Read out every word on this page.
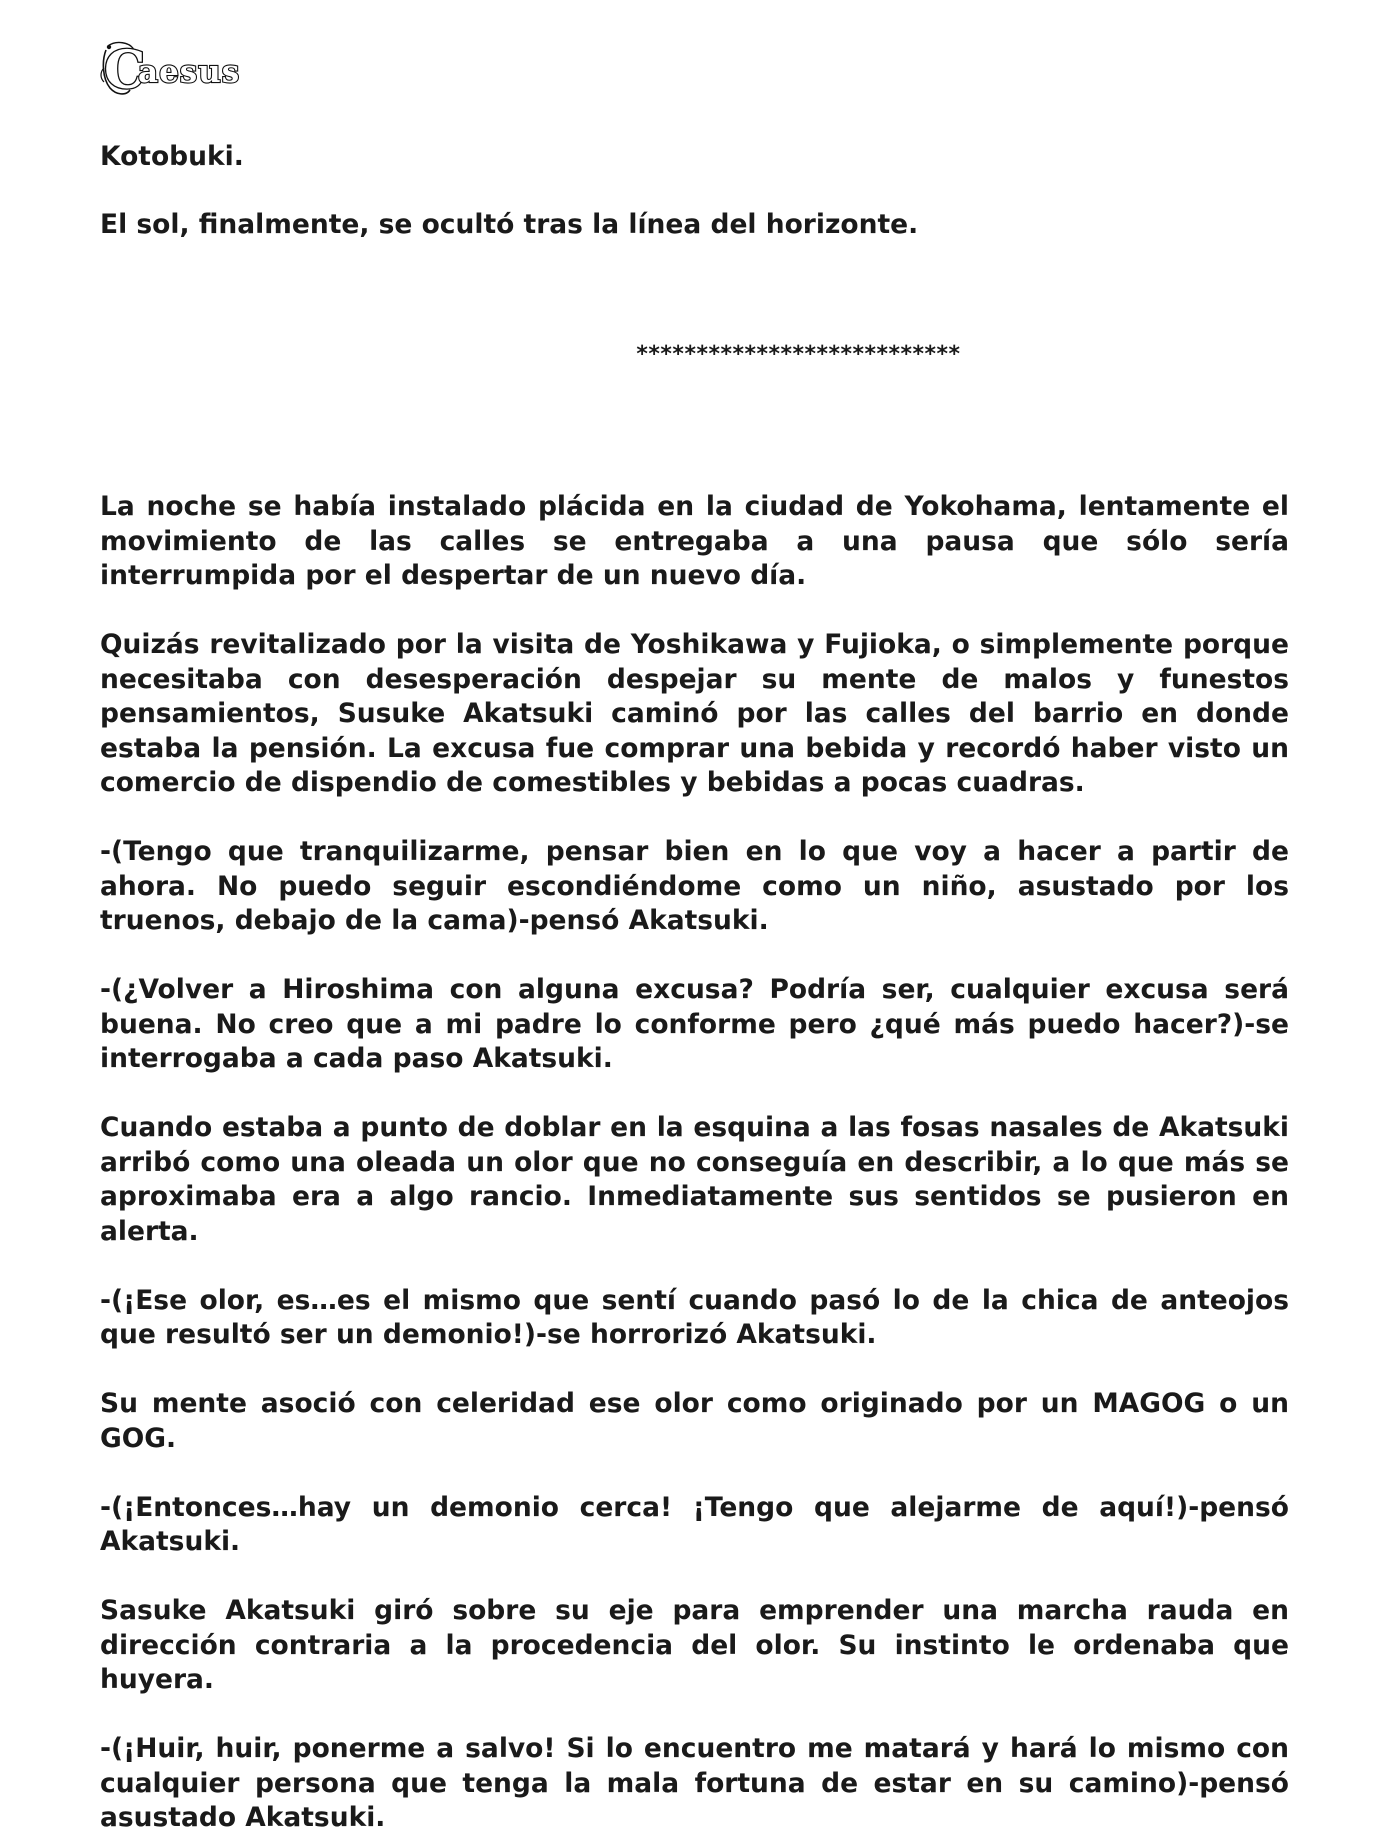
C
aesus

Kotobuki.

El sol, finalmente, se ocultó tras la línea del horizonte.

***************************

La noche se había instalado plácida en la ciudad de Yokohama, lentamente el movimiento de las calles se entregaba a una pausa que sólo sería interrumpida por el despertar de un nuevo día.

Quizás revitalizado por la visita de Yoshikawa y Fujioka, o simplemente porque necesitaba con desesperación despejar su mente de malos y funestos pensamientos, Susuke Akatsuki caminó por las calles del barrio en donde estaba la pensión. La excusa fue comprar una bebida y recordó haber visto un comercio de dispendio de comestibles y bebidas a pocas cuadras.

-(Tengo que tranquilizarme, pensar bien en lo que voy a hacer a partir de ahora. No puedo seguir escondiéndome como un niño, asustado por los truenos, debajo de la cama)-pensó Akatsuki.

-(¿Volver a Hiroshima con alguna excusa? Podría ser, cualquier excusa será buena. No creo que a mi padre lo conforme pero ¿qué más puedo hacer?)-se interrogaba a cada paso Akatsuki.

Cuando estaba a punto de doblar en la esquina a las fosas nasales de Akatsuki arribó como una oleada un olor que no conseguía en describir, a lo que más se aproximaba era a algo rancio. Inmediatamente sus sentidos se pusieron en alerta.

-(¡Ese olor, es…es el mismo que sentí cuando pasó lo de la chica de anteojos que resultó ser un demonio!)-se horrorizó Akatsuki.

Su mente asoció con celeridad ese olor como originado por un MAGOG o un GOG.

-(¡Entonces…hay un demonio cerca! ¡Tengo que alejarme de aquí!)-pensó Akatsuki.

Sasuke Akatsuki giró sobre su eje para emprender una marcha rauda en dirección contraria a la procedencia del olor. Su instinto le ordenaba que huyera.

-(¡Huir, huir, ponerme a salvo! Si lo encuentro me matará y hará lo mismo con cualquier persona que tenga la mala fortuna de estar en su camino)-pensó asustado Akatsuki.
